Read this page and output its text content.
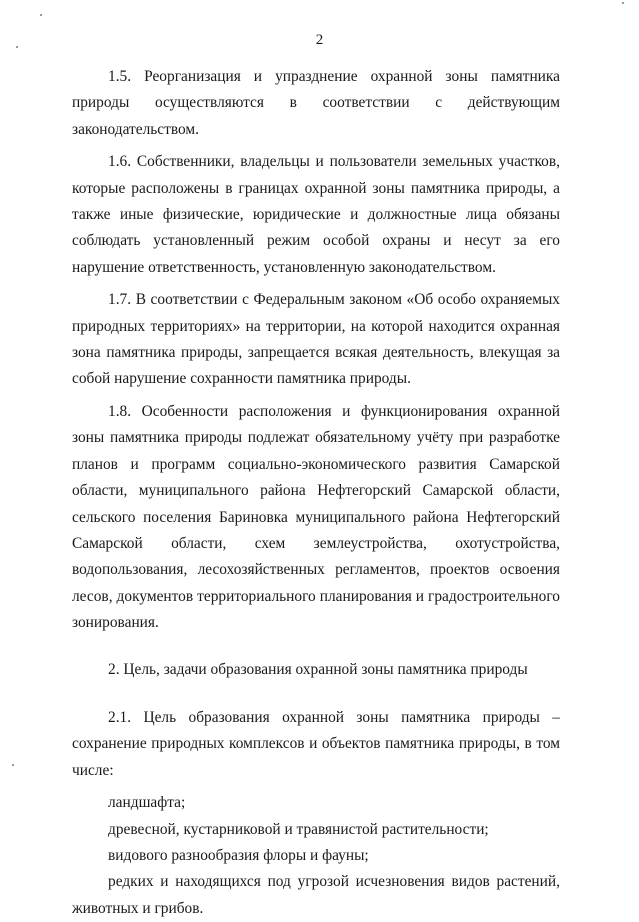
2

1.5. Реорганизация и упразднение охранной зоны памятника природы осуществляются в соответствии с действующим законодательством.

1.6. Собственники, владельцы и пользователи земельных участков, которые расположены в границах охранной зоны памятника природы, а также иные физические, юридические и должностные лица обязаны соблюдать установленный режим особой охраны и несут за его нарушение ответственность, установленную законодательством.

1.7. В соответствии с Федеральным законом «Об особо охраняемых природных территориях» на территории, на которой находится охранная зона памятника природы, запрещается всякая деятельность, влекущая за собой нарушение сохранности памятника природы.

1.8. Особенности расположения и функционирования охранной зоны памятника природы подлежат обязательному учёту при разработке планов и программ социально-экономического развития Самарской области, муниципального района Нефтегорский Самарской области, сельского поселения Бариновка муниципального района Нефтегорский Самарской области, схем землеустройства, охотустройства, водопользования, лесохозяйственных регламентов, проектов освоения лесов, документов территориального планирования и градостроительного зонирования.

2. Цель, задачи образования охранной зоны памятника природы

2.1. Цель образования охранной зоны памятника природы – сохранение природных комплексов и объектов памятника природы, в том числе:

ландшафта;

древесной, кустарниковой и травянистой растительности;

видового разнообразия флоры и фауны;

редких и находящихся под угрозой исчезновения видов растений, животных и грибов.
